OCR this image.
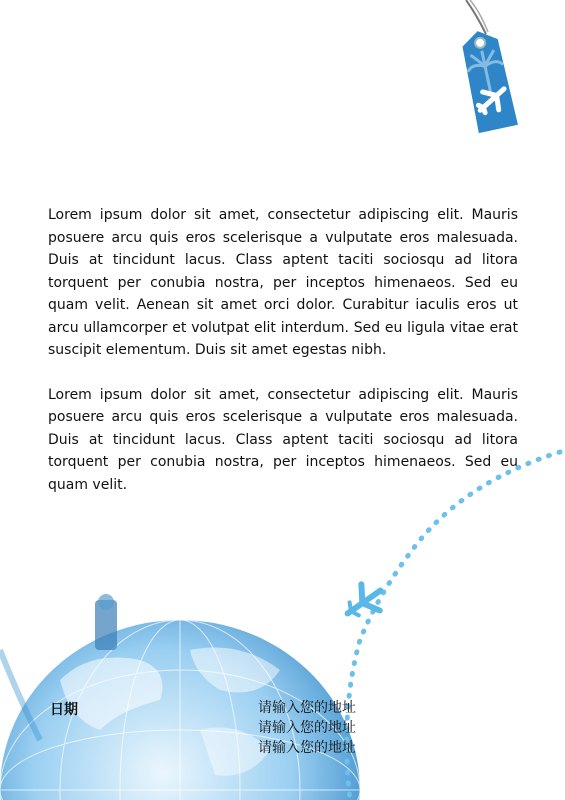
Lorem ipsum dolor sit amet, consectetur adipiscing elit. Mauris posuere arcu quis eros scelerisque a vulputate eros malesuada. Duis at tincidunt lacus. Class aptent taciti sociosqu ad litora torquent per conubia nostra, per inceptos himenaeos. Sed eu quam velit. Aenean sit amet orci dolor. Curabitur iaculis eros ut arcu ullamcorper et volutpat elit interdum. Sed eu ligula vitae erat suscipit elementum. Duis sit amet egestas nibh.

Lorem ipsum dolor sit amet, consectetur adipiscing elit. Mauris posuere arcu quis eros scelerisque a vulputate eros malesuada. Duis at tincidunt lacus. Class aptent taciti sociosqu ad litora torquent per conubia nostra, per inceptos himenaeos. Sed eu quam velit.

日期	请输入您的地址
请输入您的地址
请输入您的地址
